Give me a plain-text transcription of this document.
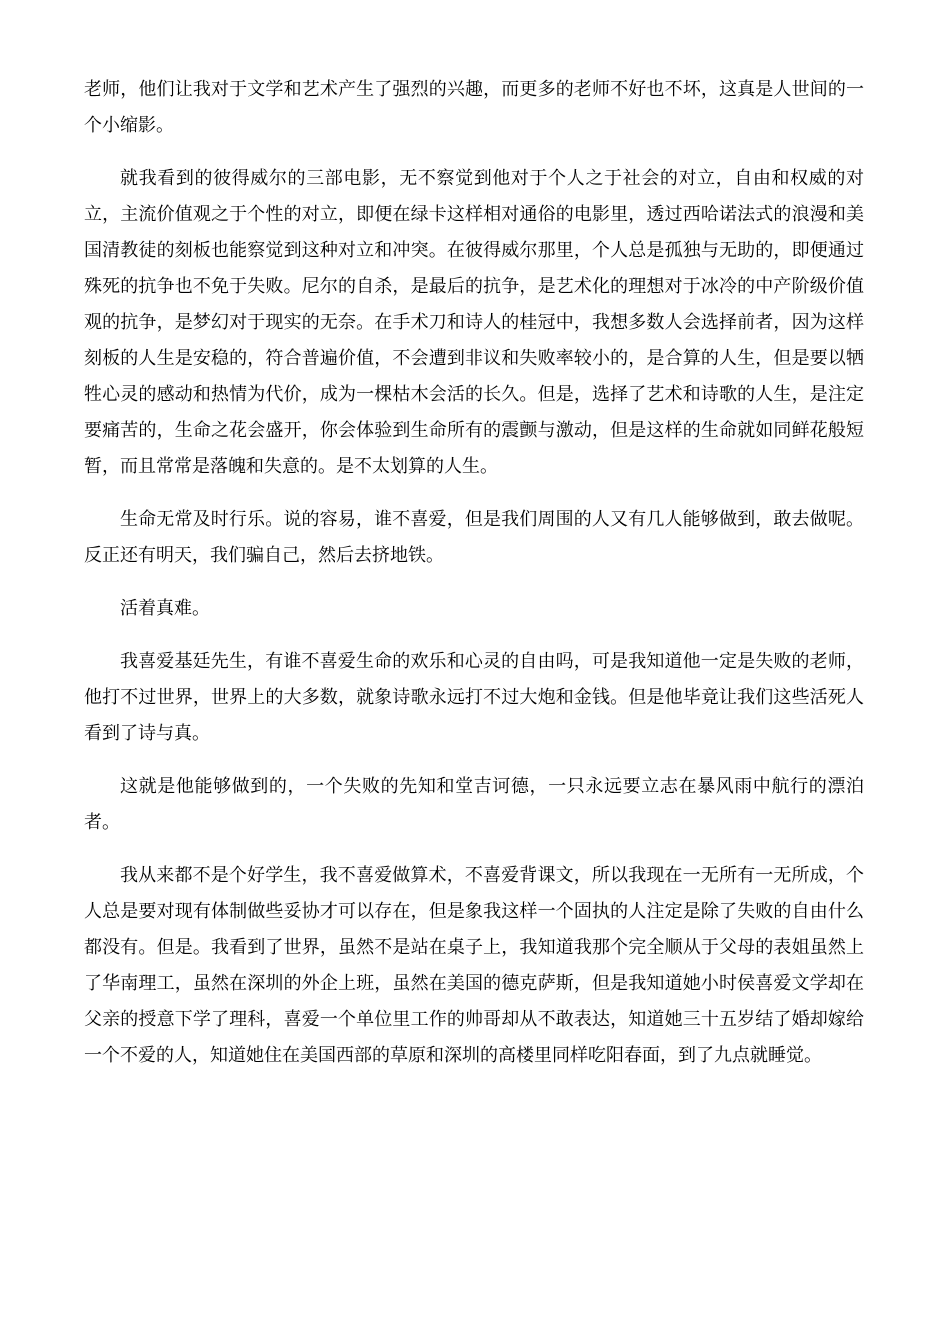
老师，他们让我对于文学和艺术产生了强烈的兴趣，而更多的老师不好也不坏，这真是人世间的一个小缩影。

就我看到的彼得威尔的三部电影，无不察觉到他对于个人之于社会的对立，自由和权威的对立，主流价值观之于个性的对立，即便在绿卡这样相对通俗的电影里，透过西哈诺法式的浪漫和美国清教徒的刻板也能察觉到这种对立和冲突。在彼得威尔那里，个人总是孤独与无助的，即便通过殊死的抗争也不免于失败。尼尔的自杀，是最后的抗争，是艺术化的理想对于冰冷的中产阶级价值观的抗争，是梦幻对于现实的无奈。在手术刀和诗人的桂冠中，我想多数人会选择前者，因为这样刻板的人生是安稳的，符合普遍价值，不会遭到非议和失败率较小的，是合算的人生，但是要以牺牲心灵的感动和热情为代价，成为一棵枯木会活的长久。但是，选择了艺术和诗歌的人生，是注定要痛苦的，生命之花会盛开，你会体验到生命所有的震颤与激动，但是这样的生命就如同鲜花般短暂，而且常常是落魄和失意的。是不太划算的人生。

生命无常及时行乐。说的容易，谁不喜爱，但是我们周围的人又有几人能够做到，敢去做呢。反正还有明天，我们骗自己，然后去挤地铁。

活着真难。

我喜爱基廷先生，有谁不喜爱生命的欢乐和心灵的自由吗，可是我知道他一定是失败的老师，他打不过世界，世界上的大多数，就象诗歌永远打不过大炮和金钱。但是他毕竟让我们这些活死人看到了诗与真。

这就是他能够做到的，一个失败的先知和堂吉诃德，一只永远要立志在暴风雨中航行的漂泊者。

我从来都不是个好学生，我不喜爱做算术，不喜爱背课文，所以我现在一无所有一无所成，个人总是要对现有体制做些妥协才可以存在，但是象我这样一个固执的人注定是除了失败的自由什么都没有。但是。我看到了世界，虽然不是站在桌子上，我知道我那个完全顺从于父母的表姐虽然上了华南理工，虽然在深圳的外企上班，虽然在美国的德克萨斯，但是我知道她小时侯喜爱文学却在父亲的授意下学了理科，喜爱一个单位里工作的帅哥却从不敢表达，知道她三十五岁结了婚却嫁给一个不爱的人，知道她住在美国西部的草原和深圳的高楼里同样吃阳春面，到了九点就睡觉。
